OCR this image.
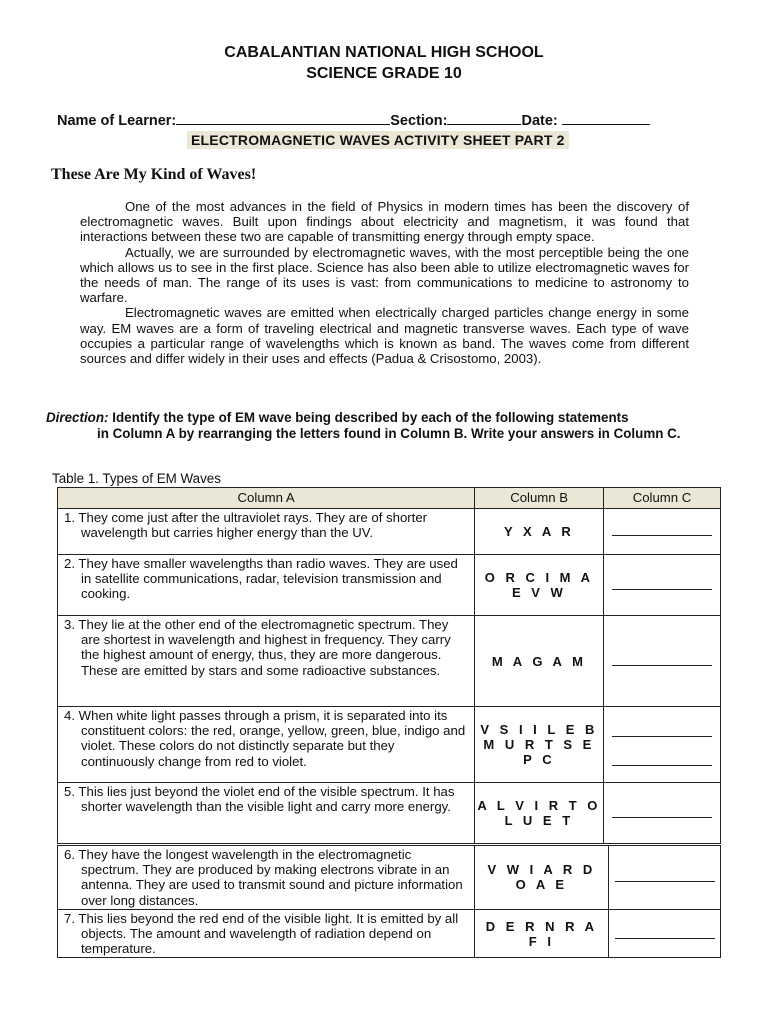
CABALANTIAN NATIONAL HIGH SCHOOL
SCIENCE GRADE 10
Name of Learner:	Section:	Date:
ELECTROMAGNETIC WAVES ACTIVITY SHEET PART 2
These Are My Kind of Waves!

One of the most advances in the field of Physics in modern times has been the discovery of electromagnetic waves. Built upon findings about electricity and magnetism, it was found that interactions between these two are capable of transmitting energy through empty space.

Actually, we are surrounded by electromagnetic waves, with the most perceptible being the one which allows us to see in the first place. Science has also been able to utilize electromagnetic waves for the needs of man. The range of its uses is vast: from communications to medicine to astronomy to warfare.

Electromagnetic waves are emitted when electrically charged particles change energy in some way. EM waves are a form of traveling electrical and magnetic transverse waves. Each type of wave occupies a particular range of wavelengths which is known as band. The waves come from different sources and differ widely in their uses and effects (Padua & Crisostomo, 2003).

Direction: Identify the type of EM wave being described by each of the following statements
in Column A by rearranging the letters found in Column B. Write your answers in Column C.
Table 1. Types of EM Waves
Column A	Column B	Column C

1. They come just after the ultraviolet rays. They are of shorter wavelength but carries higher energy than the UV.	Y X A R	

2. They have smaller wavelengths than radio waves. They are used in satellite communications, radar, television transmission and cooking.	O R C I M A E V W	

3. They lie at the other end of the electromagnetic spectrum. They are shortest in wavelength and highest in frequency. They carry the highest amount of energy, thus, they are more dangerous.
These are emitted by stars and some radioactive substances.	M A G A M	

4. When white light passes through a prism, it is separated into its constituent colors: the red, orange, yellow, green, blue, indigo and violet. These colors do not distinctly separate but they continuously change from red to violet.	V S I I L E B M U R T S E P C	

5. This lies just beyond the violet end of the visible spectrum. It has shorter wavelength than the visible light and carry more energy.	A L V I R T O L U E T	
6. They have the longest wavelength in the electromagnetic spectrum. They are produced by making electrons vibrate in an antenna. They are used to transmit sound and picture information over long distances.	V W I A R D O A E	

7. This lies beyond the red end of the visible light. It is emitted by all objects. The amount and wavelength of radiation depend on temperature.	D E R N R A F I	
